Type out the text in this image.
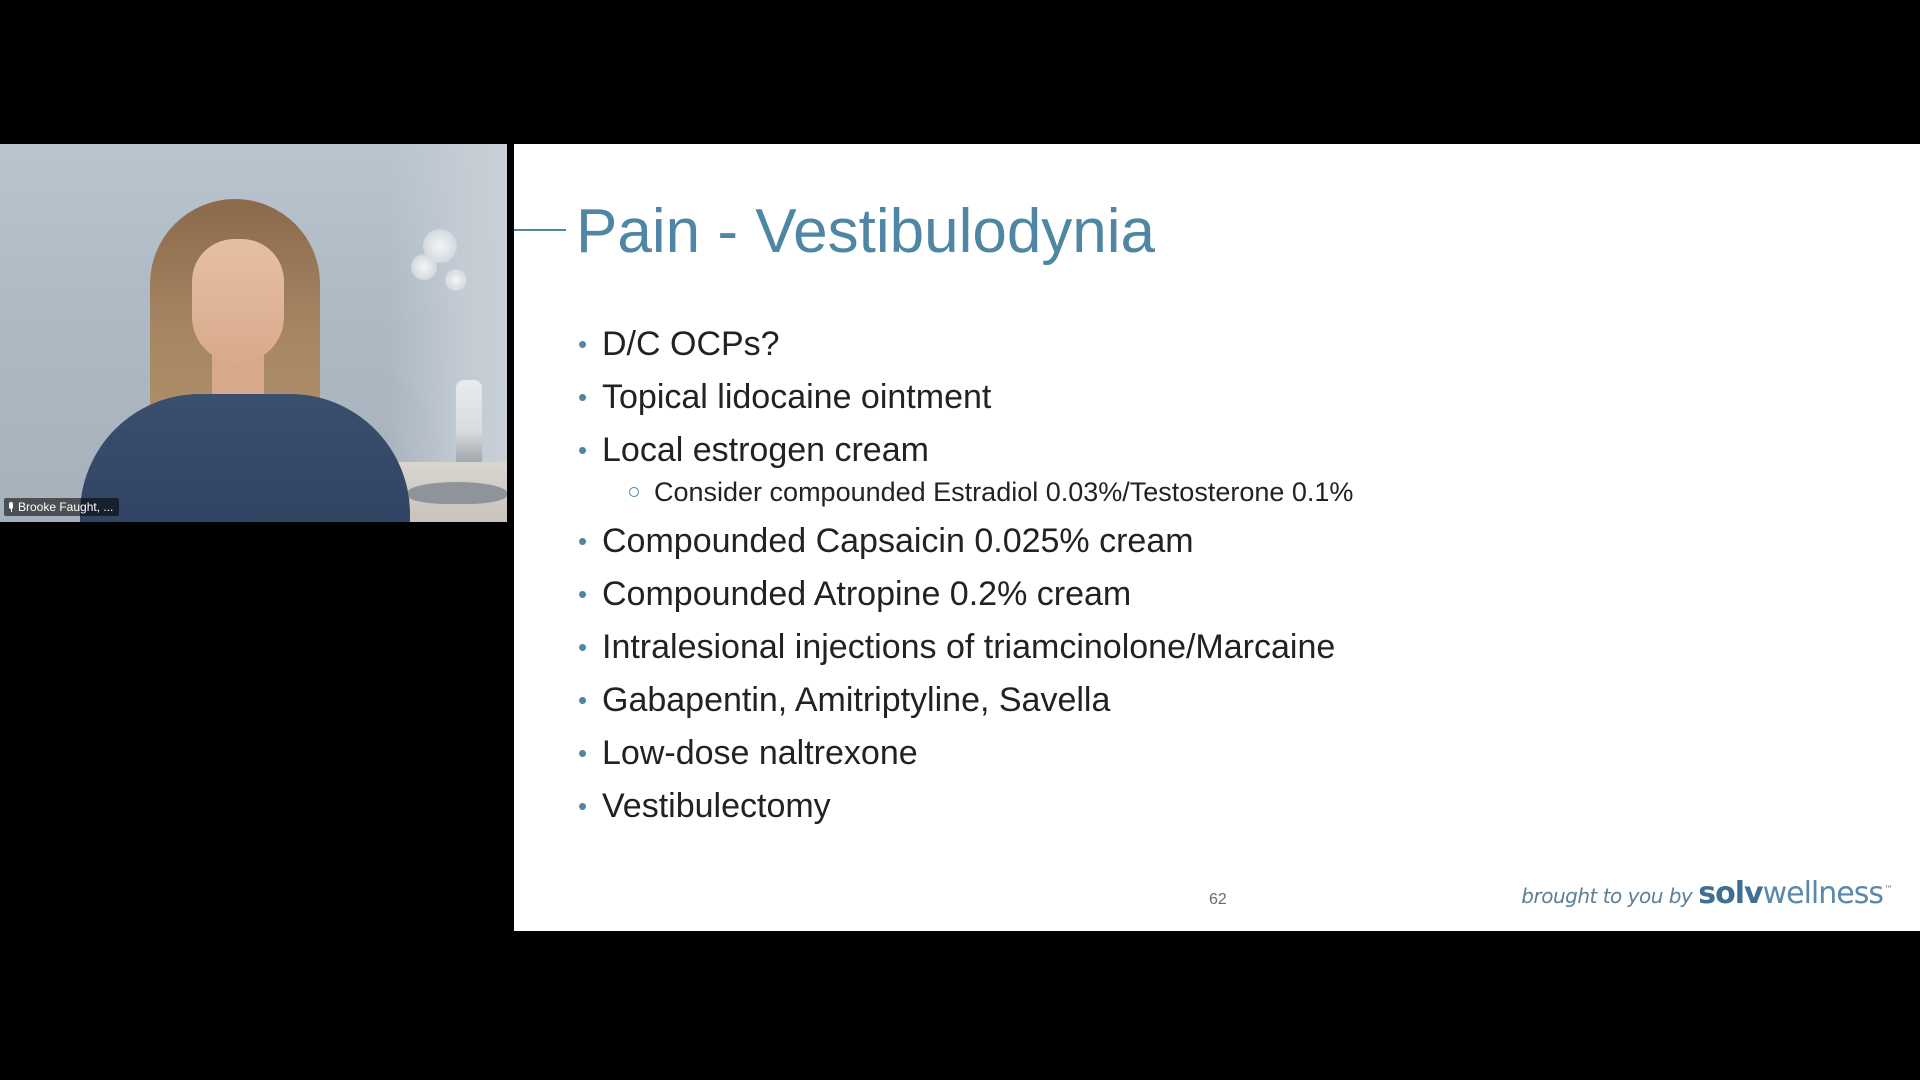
Brooke Faught, ...
Pain - Vestibulodynia
• D/C OCPs?
• Topical lidocaine ointment
• Local estrogen cream
Consider compounded Estradiol 0.03%/Testosterone 0.1%
• Compounded Capsaicin 0.025% cream
• Compounded Atropine 0.2% cream
• Intralesional injections of triamcinolone/Marcaine
• Gabapentin, Amitriptyline, Savella
• Low-dose naltrexone
• Vestibulectomy
62	brought to you by solv wellness™
